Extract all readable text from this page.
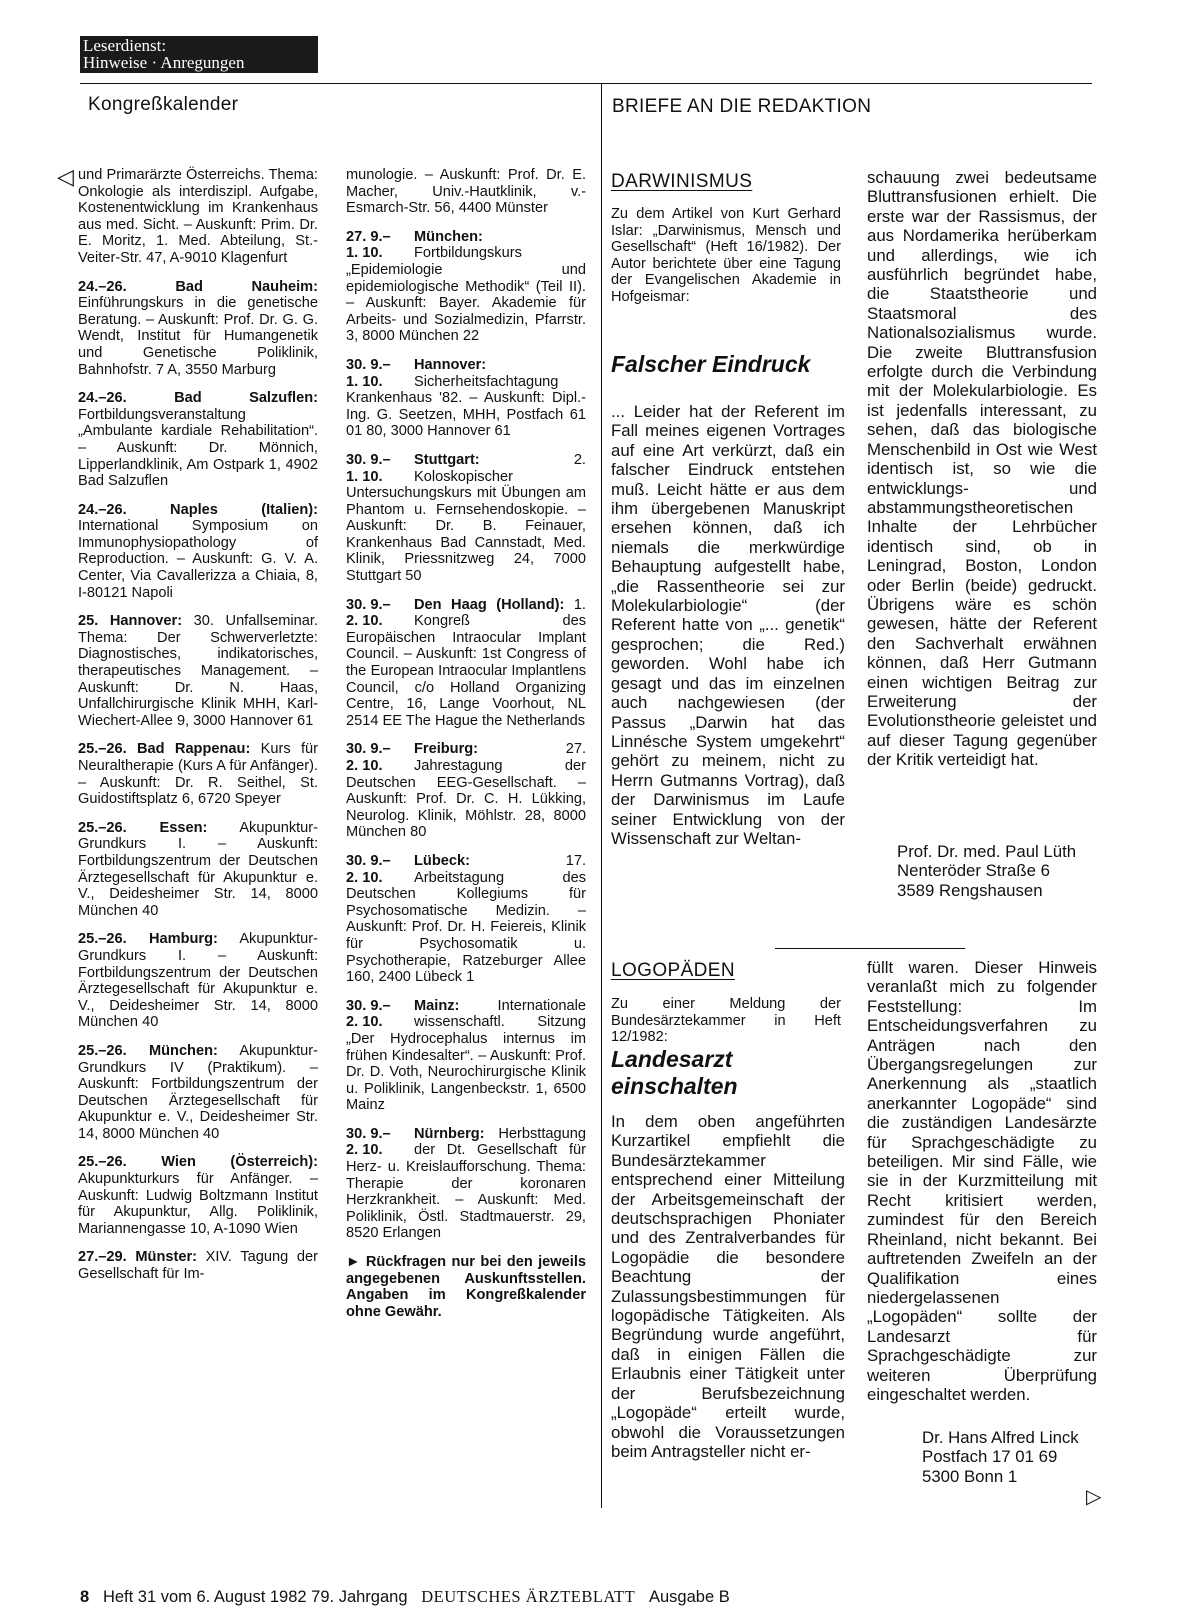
Leserdienst:
Hinweise · Anregungen
Kongreßkalender	BRIEFE AN DIE REDAKTION
◁ und Primarärzte Österreichs. Thema: Onkologie als interdiszipl. Aufgabe, Kostenentwicklung im Krankenhaus aus med. Sicht. – Auskunft: Prim. Dr. E. Moritz, 1. Med. Abteilung, St.-Veiter-Str. 47, A-9010 Klagenfurt

24.–26. Bad Nauheim: Einführungskurs in die genetische Beratung. – Auskunft: Prof. Dr. G. G. Wendt, Institut für Humangenetik und Genetische Poliklinik, Bahnhofstr. 7 A, 3550 Marburg

24.–26. Bad Salzuflen: Fortbildungsveranstaltung „Ambulante kardiale Rehabilitation“. – Auskunft: Dr. Mönnich, Lipperlandklinik, Am Ostpark 1, 4902 Bad Salzuflen

24.–26. Naples (Italien): International Symposium on Immunophysiopathology of Reproduction. – Auskunft: G. V. A. Center, Via Cavallerizza a Chiaia, 8, I-80121 Napoli

25. Hannover: 30. Unfallseminar. Thema: Der Schwerverletzte: Diagnostisches, indikatorisches, therapeutisches Management. – Auskunft: Dr. N. Haas, Unfallchirurgische Klinik MHH, Karl-Wiechert-Allee 9, 3000 Hannover 61

25.–26. Bad Rappenau: Kurs für Neuraltherapie (Kurs A für Anfänger). – Auskunft: Dr. R. Seithel, St. Guidostiftsplatz 6, 6720 Speyer

25.–26. Essen: Akupunktur-Grundkurs I. – Auskunft: Fortbildungszentrum der Deutschen Ärztegesellschaft für Akupunktur e. V., Deidesheimer Str. 14, 8000 München 40

25.–26. Hamburg: Akupunktur-Grundkurs I. – Auskunft: Fortbildungszentrum der Deutschen Ärztegesellschaft für Akupunktur e. V., Deidesheimer Str. 14, 8000 München 40

25.–26. München: Akupunktur-Grundkurs IV (Praktikum). – Auskunft: Fortbildungszentrum der Deutschen Ärztegesellschaft für Akupunktur e. V., Deidesheimer Str. 14, 8000 München 40

25.–26. Wien (Österreich): Akupunkturkurs für Anfänger. – Auskunft: Ludwig Boltzmann Institut für Akupunktur, Allg. Poliklinik, Mariannengasse 10, A-1090 Wien

27.–29. Münster: XIV. Tagung der Gesellschaft für Im-

munologie. – Auskunft: Prof. Dr. E. Macher, Univ.-Hautklinik, v.-Esmarch-Str. 56, 4400 Münster

27. 9.–
1. 10.
München: Fortbildungskurs „Epidemiologie und epidemiologische Methodik“ (Teil II). – Auskunft: Bayer. Akademie für Arbeits- und Sozialmedizin, Pfarrstr. 3, 8000 München 22

30. 9.–
1. 10.
Hannover: Sicherheitsfachtagung Krankenhaus '82. – Auskunft: Dipl.-Ing. G. Seetzen, MHH, Postfach 61 01 80, 3000 Hannover 61

30. 9.–
1. 10.
Stuttgart: 2. Koloskopischer Untersuchungskurs mit Übungen am Phantom u. Fernsehendoskopie. – Auskunft: Dr. B. Feinauer, Krankenhaus Bad Cannstadt, Med. Klinik, Priessnitzweg 24, 7000 Stuttgart 50

30. 9.–
2. 10.
Den Haag (Holland): 1. Kongreß des Europäischen Intraocular Implant Council. – Auskunft: 1st Congress of the European Intraocular Implantlens Council, c/o Holland Organizing Centre, 16, Lange Voorhout, NL 2514 EE The Hague the Netherlands

30. 9.–
2. 10.
Freiburg: 27. Jahrestagung der Deutschen EEG-Gesellschaft. – Auskunft: Prof. Dr. C. H. Lükking, Neurolog. Klinik, Möhlstr. 28, 8000 München 80

30. 9.–
2. 10.
Lübeck: 17. Arbeitstagung des Deutschen Kollegiums für Psychosomatische Medizin. – Auskunft: Prof. Dr. H. Feiereis, Klinik für Psychosomatik u. Psychotherapie, Ratzeburger Allee 160, 2400 Lübeck 1

30. 9.–
2. 10.
Mainz: Internationale wissenschaftl. Sitzung „Der Hydrocephalus internus im frühen Kindesalter“. – Auskunft: Prof. Dr. D. Voth, Neurochirurgische Klinik u. Poliklinik, Langenbeckstr. 1, 6500 Mainz

30. 9.–
2. 10.
Nürnberg: Herbsttagung der Dt. Gesellschaft für Herz- u. Kreislaufforschung. Thema: Therapie der koronaren Herzkrankheit. – Auskunft: Med. Poliklinik, Östl. Stadtmauerstr. 29, 8520 Erlangen

► Rückfragen nur bei den jeweils angegebenen Auskunftsstellen. Angaben im Kongreßkalender ohne Gewähr.

DARWINISMUS
Zu dem Artikel von Kurt Gerhard Islar: „Darwinismus, Mensch und Gesellschaft“ (Heft 16/1982). Der Autor berichtete über eine Tagung der Evangelischen Akademie in Hofgeismar:
Falscher Eindruck
... Leider hat der Referent im Fall meines eigenen Vortrages auf eine Art verkürzt, daß ein falscher Eindruck entstehen muß. Leicht hätte er aus dem ihm übergebenen Manuskript ersehen können, daß ich niemals die merkwürdige Behauptung aufgestellt habe, „die Rassentheorie sei zur Molekularbiologie“ (der Referent hatte von „... genetik“ gesprochen; die Red.) geworden. Wohl habe ich gesagt und das im einzelnen auch nachgewiesen (der Passus „Darwin hat das Linnésche System umgekehrt“ gehört zu meinem, nicht zu Herrn Gutmanns Vortrag), daß der Darwinismus im Laufe seiner Entwicklung von der Wissenschaft zur Weltan-
schauung zwei bedeutsame Bluttransfusionen erhielt. Die erste war der Rassismus, der aus Nordamerika herüberkam und allerdings, wie ich ausführlich begründet habe, die Staatstheorie und Staatsmoral des Nationalsozialismus wurde. Die zweite Bluttransfusion erfolgte durch die Verbindung mit der Molekularbiologie. Es ist jedenfalls interessant, zu sehen, daß das biologische Menschenbild in Ost wie West identisch ist, so wie die entwicklungs- und abstammungstheoretischen Inhalte der Lehrbücher identisch sind, ob in Leningrad, Boston, London oder Berlin (beide) gedruckt. Übrigens wäre es schön gewesen, hätte der Referent den Sachverhalt erwähnen können, daß Herr Gutmann einen wichtigen Beitrag zur Erweiterung der Evolutionstheorie geleistet und auf dieser Tagung gegenüber der Kritik verteidigt hat.
Prof. Dr. med. Paul Lüth
Nenteröder Straße 6
3589 Rengshausen
LOGOPÄDEN
Zu einer Meldung der Bundesärztekammer in Heft 12/1982:
Landesarzt
einschalten
In dem oben angeführten Kurzartikel empfiehlt die Bundesärztekammer entsprechend einer Mitteilung der Arbeitsgemeinschaft der deutschsprachigen Phoniater und des Zentralverbandes für Logopädie die besondere Beachtung der Zulassungsbestimmungen für logopädische Tätigkeiten. Als Begründung wurde angeführt, daß in einigen Fällen die Erlaubnis einer Tätigkeit unter der Berufsbezeichnung „Logopäde“ erteilt wurde, obwohl die Voraussetzungen beim Antragsteller nicht er-
füllt waren. Dieser Hinweis veranlaßt mich zu folgender Feststellung: Im Entscheidungsverfahren zu Anträgen nach den Übergangsregelungen zur Anerkennung als „staatlich anerkannter Logopäde“ sind die zuständigen Landesärzte für Sprachgeschädigte zu beteiligen. Mir sind Fälle, wie sie in der Kurzmitteilung mit Recht kritisiert werden, zumindest für den Bereich Rheinland, nicht bekannt. Bei auftretenden Zweifeln an der Qualifikation eines niedergelassenen „Logopäden“ sollte der Landesarzt für Sprachgeschädigte zur weiteren Überprüfung eingeschaltet werden.
Dr. Hans Alfred Linck
Postfach 17 01 69
5300 Bonn 1
▷
8 Heft 31 vom 6. August 1982 79. Jahrgang DEUTSCHES ÄRZTEBLATT Ausgabe B
